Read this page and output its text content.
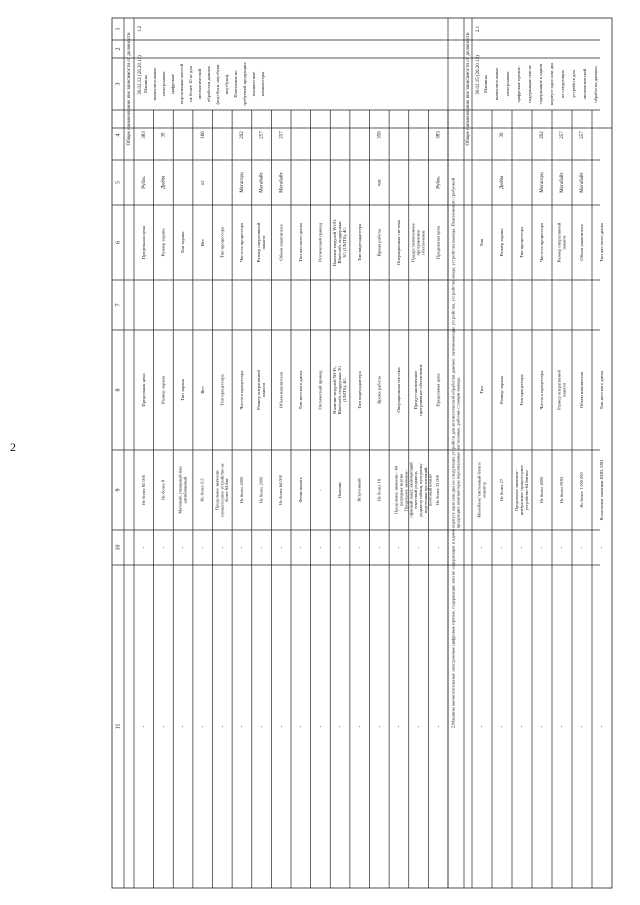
2
1
2
3
4
5
6
7
8
9
10
11
Общее наименование вне зависимости от должности 383
Рубль
Предельная цена
Предельная цена
Не более 85 000
-
-
39
Дюйм
Размер экрана
Размер экрана
Не более 8
-
-
Тип экрана
Тип экрана
Матовый, глянцевый или антибликовый
-
-
166
кг
Вес
Вес
Не более 0,5
-
-
Тип процессора
Тип процессора
Предельное значение процессорное устройство не более 64 бит
-
-
292
Мегагерц
Частота процессора
Частота процессора
Не более 2000
-
-
257
Мегабайт
Размер оперативной памяти
Размер оперативной памяти
Не более 2000
-
-
257
Мегабайт
Объем накопителя
Объем накопителя
Не более 64 000
-
-
Тип жесткого диска
Тип жесткого диска
Флэш-память
-
-
Оптический привод
Оптический привод
-
-
-
Наличие модулей Wi-Fi, Bluetooth, поддержки 3G (UMTS), 4G
Наличие модулей Wi-Fi, Bluetooth, поддержки 3G (UMTS), 4G
Наличие
-
-
Тип видеоадаптера
Тип видеоадаптера
Встроенный
-
-
356
час
Время работы
Время работы
Не более 16
-
-
Операционная система
Операционная система
Предельное значение - 64 разрядная версия
-
-
Предустановленное программное обеспечение
Предустановленное программное обеспечение
Предельное значение - офисный пакет, включающий текстовый редактор, редактор таблиц, программу подготовки презентаций, почтовый клиент
-
-
383
Рубль
Предельная цена
Предельная цена
Не более 33 000
-
-
1.2
30.02.12 (26.20.11) Машины вычислительные электронные цифровые портативные массой не более 10 кг для автоматической обработки данных (ноутбуки, ноутбуки, ноутбуки). Пояснения по требуемой продукции: планшетные компьютеры
2.Машины вычислительные электронные цифровые прочие, содержащие или не содержащие в одном корпусе одно или два из следующих устройств для автоматической обработки данных: запоминающие устройства, устройства ввода, устройства вывода. Пояснения по требуемой продукции: компьютеры персональные настольные, рабочие станции вывода
Общее наименование вне зависимости от должности
Тип
Тип
Моноблок/ системный блок и монитор
-
-
39
Дюйм
Размер экрана
Размер экрана
Не более 27
-
-
Тип процессора
Тип процессора
Предельное значение - центральное процессорное устройство 64 битное
-
-
292
Мегагерц
Частота процессора
Частота процессора
Не более 4000
-
-
257
Мегабайт
Размер оперативной памяти
Размер оперативной памяти
Не более 8192
-
-
257
Мегабайт
Объем накопителя
Объем накопителя
Не более 1 000 000
-
-
Тип жесткого диска
Тип жесткого диска
Возможные значения HDD, SSD
-
-
2.1
30.02.15 (26.20.13) Машины вычислительные электронные цифровые прочие, содержащие или не содержащие в одном корпусе одно или два из следующих устройств для автоматической обработки данных:
